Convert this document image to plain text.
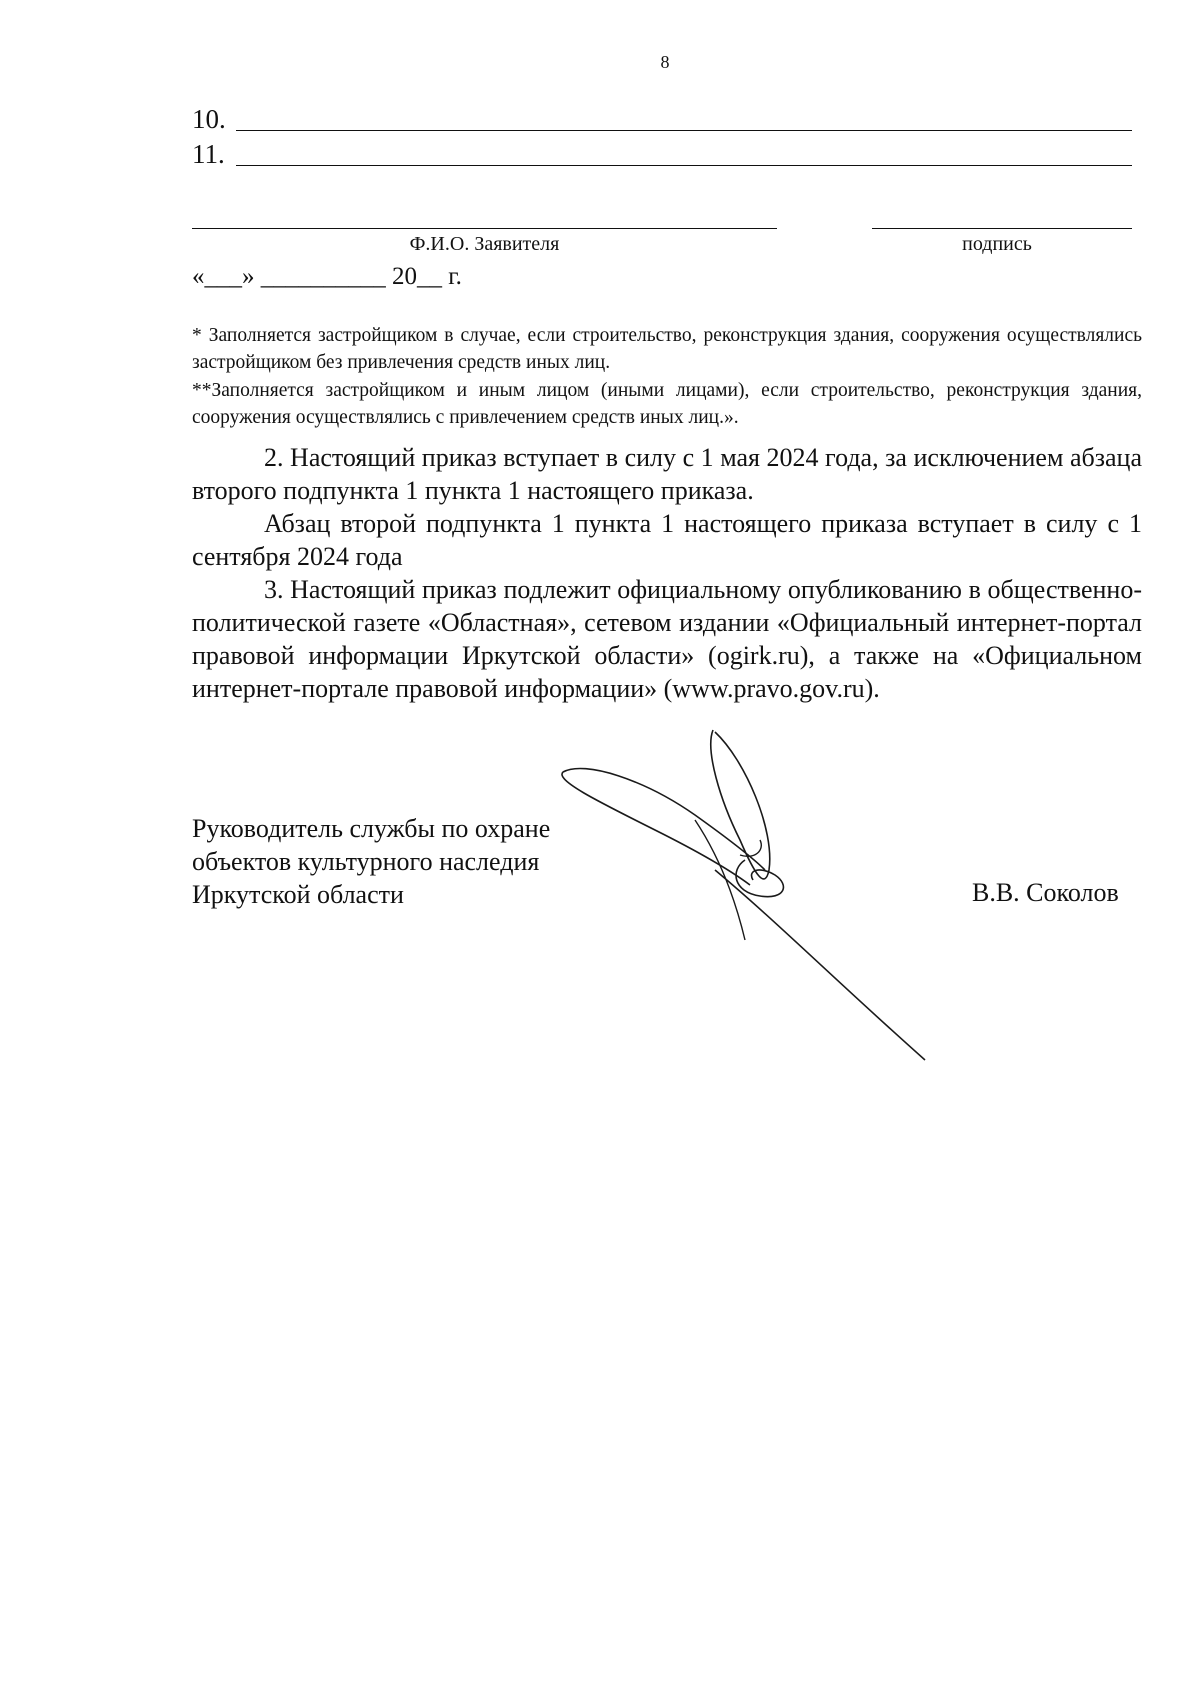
8
10.
11.
Ф.И.О. Заявителя	подпись
«___» __________ 20__ г.
* Заполняется застройщиком в случае, если строительство, реконструкция здания, сооружения осуществлялись застройщиком без привлечения средств иных лиц.
**Заполняется застройщиком и иным лицом (иными лицами), если строительство, реконструкция здания, сооружения осуществлялись с привлечением средств иных лиц.».
2. Настоящий приказ вступает в силу с 1 мая 2024 года, за исключением абзаца второго подпункта 1 пункта 1 настоящего приказа.
Абзац второй подпункта 1 пункта 1 настоящего приказа вступает в силу с 1 сентября 2024 года
3. Настоящий приказ подлежит официальному опубликованию в общественно-политической газете «Областная», сетевом издании «Официальный интернет-портал правовой информации Иркутской области» (ogirk.ru), а также на «Официальном интернет-портале правовой информации» (www.pravo.gov.ru).
Руководитель службы по охране
объектов культурного наследия
Иркутской области	В.В. Соколов
